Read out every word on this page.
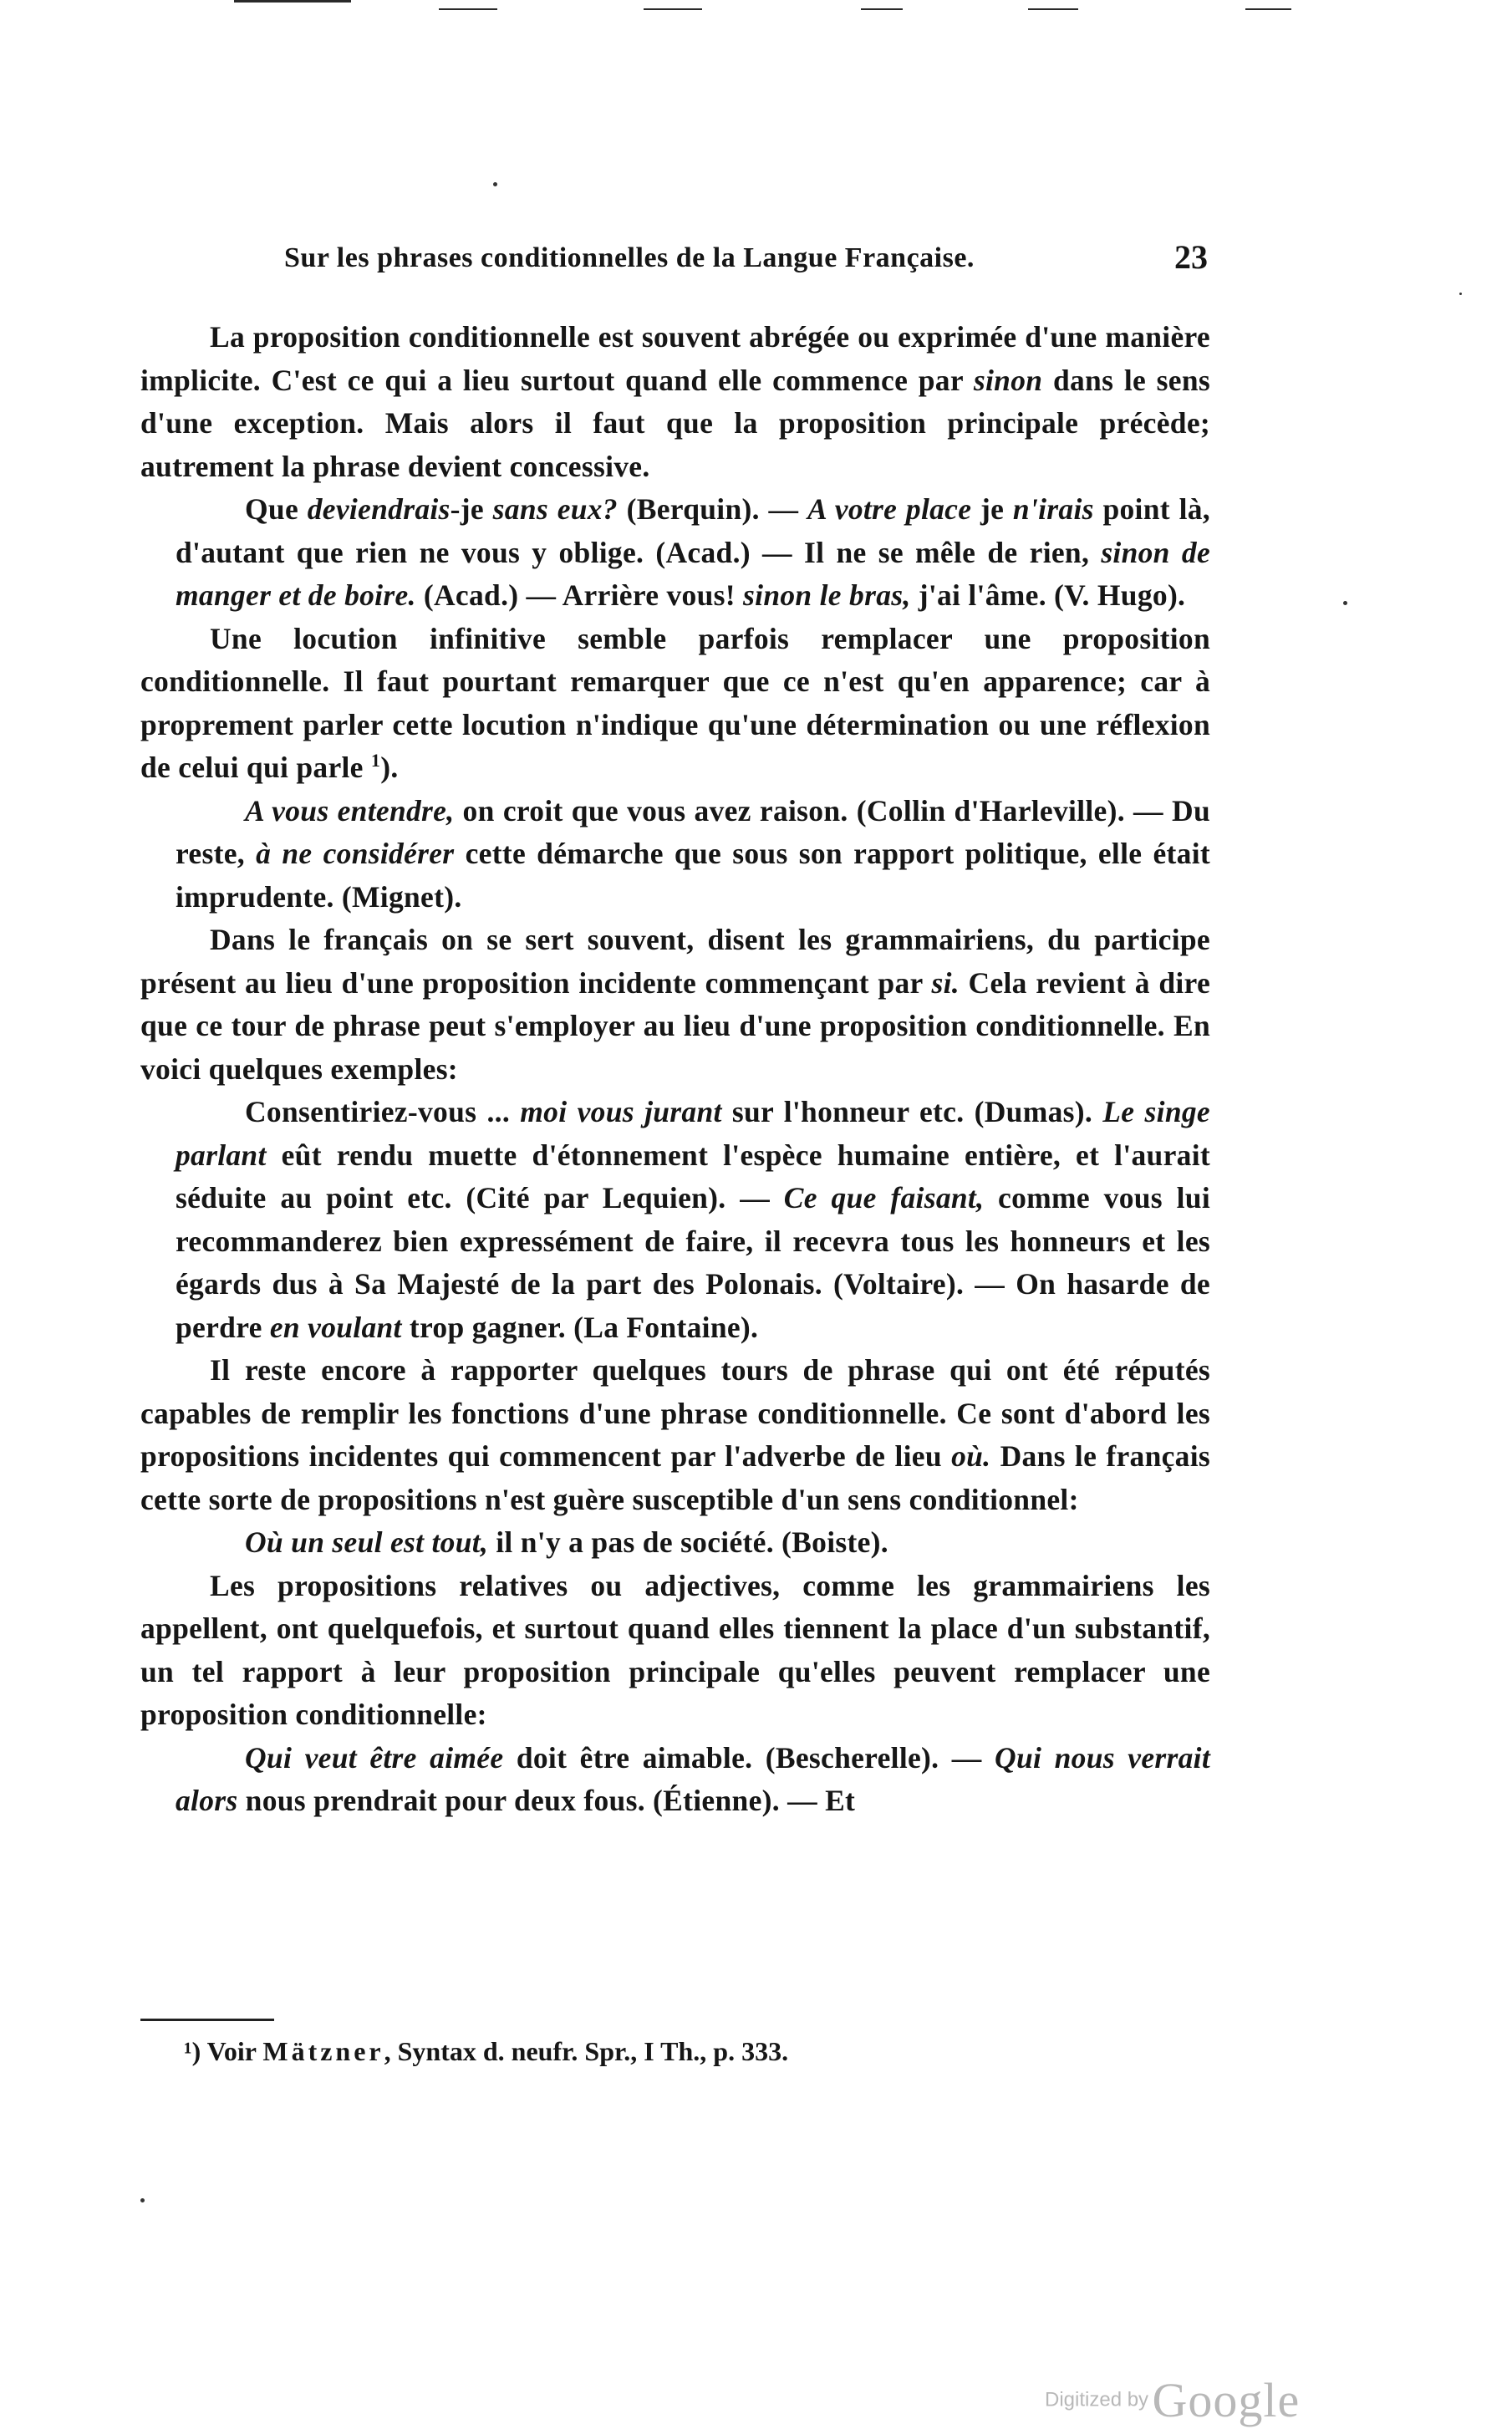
Sur les phrases conditionnelles de la Langue Française.	23

La proposition conditionnelle est souvent abrégée ou exprimée d'une manière implicite. C'est ce qui a lieu surtout quand elle commence par sinon dans le sens d'une exception. Mais alors il faut que la proposition principale précède; autrement la phrase devient concessive.

Que deviendrais-je sans eux? (Berquin). — A votre place je n'irais point là, d'autant que rien ne vous y oblige. (Acad.) — Il ne se mêle de rien, sinon de manger et de boire. (Acad.) — Arrière vous! sinon le bras, j'ai l'âme. (V. Hugo).

Une locution infinitive semble parfois remplacer une proposition conditionnelle. Il faut pourtant remarquer que ce n'est qu'en apparence; car à proprement parler cette locution n'indique qu'une détermination ou une réflexion de celui qui parle $^1$).

A vous entendre, on croit que vous avez raison. (Collin d'Harleville). — Du reste, à ne considérer cette démarche que sous son rapport politique, elle était imprudente. (Mignet).

Dans le français on se sert souvent, disent les grammairiens, du participe présent au lieu d'une proposition incidente commençant par si. Cela revient à dire que ce tour de phrase peut s'employer au lieu d'une proposition conditionnelle. En voici quelques exemples:

Consentiriez-vous ... moi vous jurant sur l'honneur etc. (Dumas). Le singe parlant eût rendu muette d'étonnement l'espèce humaine entière, et l'aurait séduite au point etc. (Cité par Lequien). — Ce que faisant, comme vous lui recommanderez bien expressément de faire, il recevra tous les honneurs et les égards dus à Sa Majesté de la part des Polonais. (Voltaire). — On hasarde de perdre en voulant trop gagner. (La Fontaine).

Il reste encore à rapporter quelques tours de phrase qui ont été réputés capables de remplir les fonctions d'une phrase conditionnelle. Ce sont d'abord les propositions incidentes qui commencent par l'adverbe de lieu où. Dans le français cette sorte de propositions n'est guère susceptible d'un sens conditionnel:

Où un seul est tout, il n'y a pas de société. (Boiste).

Les propositions relatives ou adjectives, comme les grammairiens les appellent, ont quelquefois, et surtout quand elles tiennent la place d'un substantif, un tel rapport à leur proposition principale qu'elles peuvent remplacer une proposition conditionnelle:

Qui veut être aimée doit être aimable. (Bescherelle). — Qui nous verrait alors nous prendrait pour deux fous. (Étienne). — Et

¹) Voir Mätzner, Syntax d. neufr. Spr., I Th., p. 333.
Digitized by Google
